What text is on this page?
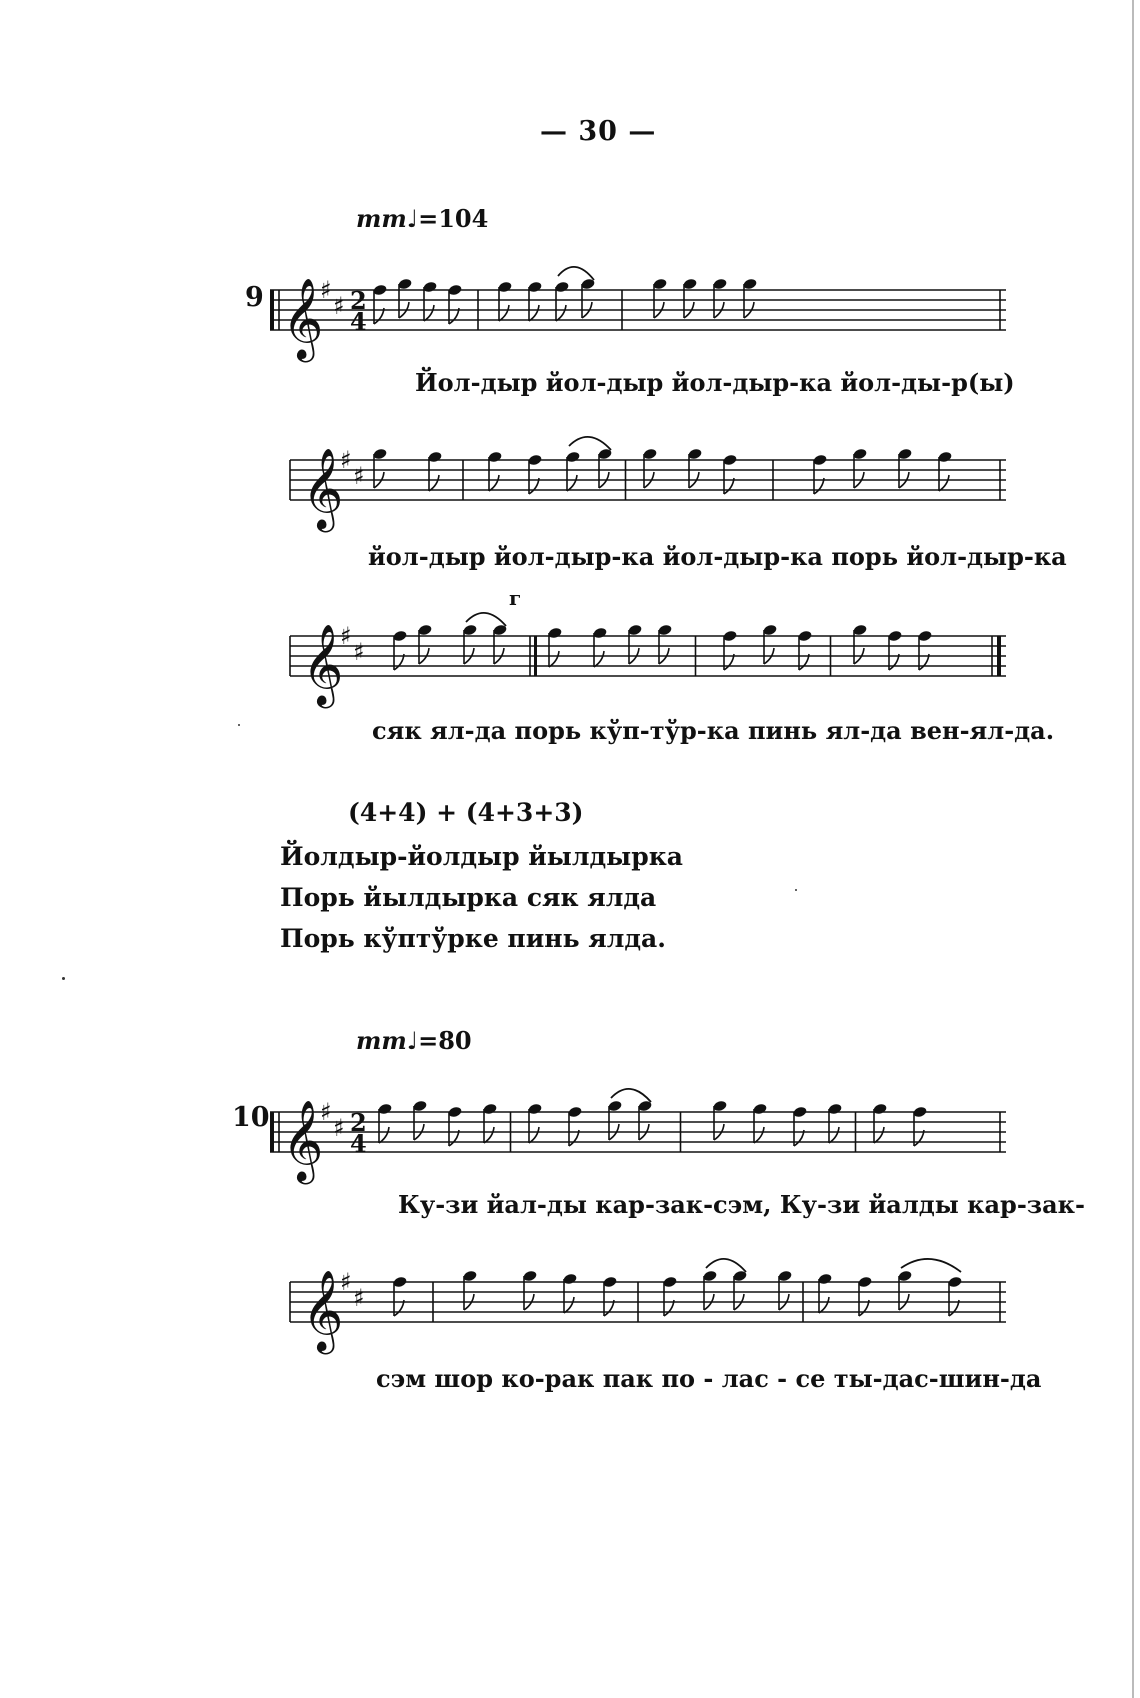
— 30 —
mm♩=104
9 𝄞
♯
♯ 2
4
Йол-дыр йол-дыр йол-дыр-ка йол-ды-р(ы)
𝄞
♯
♯
йол-дыр йол-дыр-ка йол-дыр-ка порь йол-дыр-ка
𝄞
♯
♯
г
сяк ял-да порь кўп-тўр-ка пинь ял-да вен-ял-да.
(4+4) + (4+3+3)
Йолдыр-йолдыр йылдырка
Порь йылдырка сяк ялда
Порь кўптўрке пинь ялда.
mm♩=80
10 𝄞
♯
♯ 2
4
Ку-зи йал-ды кар-зак-сэм, Ку-зи йалды кар-зак-
𝄞
♯
♯
сэм шор ко-рак пак по - лас - се ты-дас-шин-да
